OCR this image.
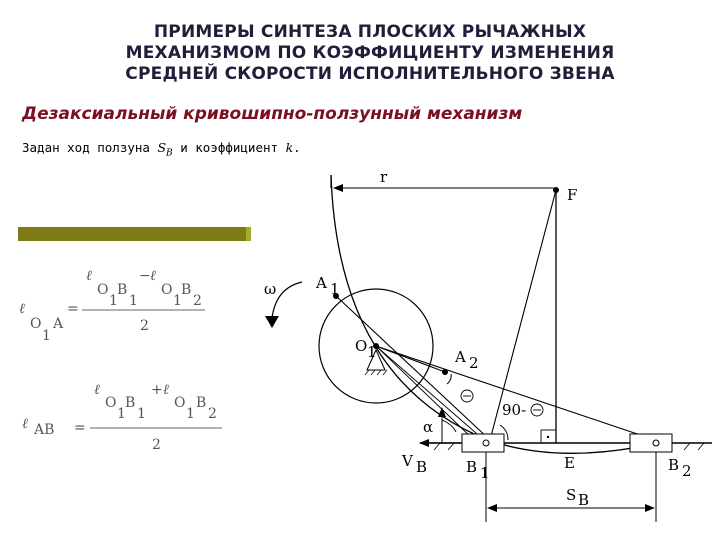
ПРИМЕРЫ СИНТЕЗА ПЛОСКИХ РЫЧАЖНЫХ
МЕХАНИЗМОМ ПО КОЭФФИЦИЕНТУ ИЗМЕНЕНИЯ
СРЕДНЕЙ СКОРОСТИ ИСПОЛНИТЕЛЬНОГО ЗВЕНА
Дезаксиальный кривошипно-ползунный механизм
Задан ход ползуна $S_B$ и коэффициент k.
ℓ
O
1
A
=
ℓ
O
1
B
1
− ℓ
O
1
B
2
2
ℓ AB =
ℓ
O
1
B
1
+ ℓ
O
1
B
2
2
r
F
O 1
A 1
A 2
ω
90-
α
V B	B 1
E	B 2
S B
